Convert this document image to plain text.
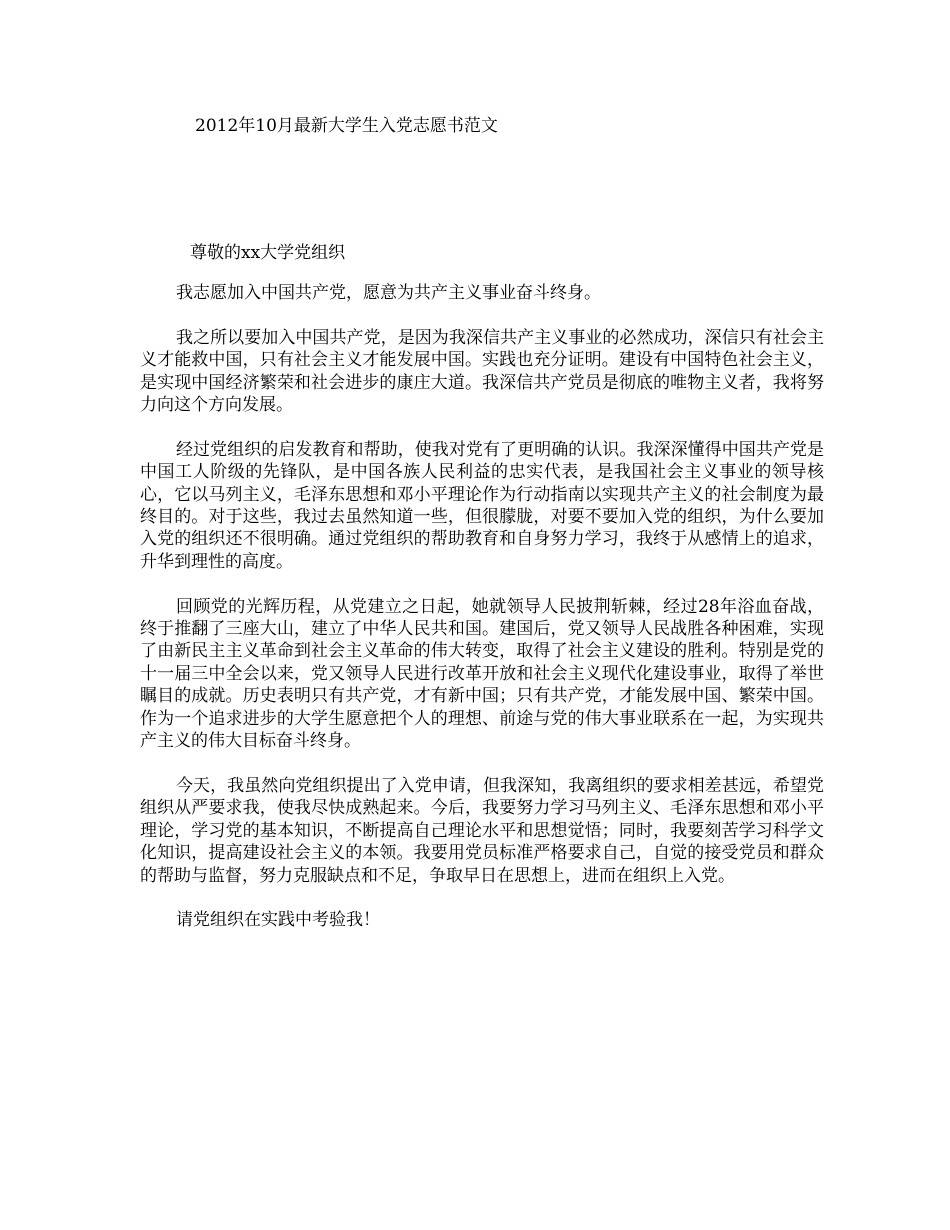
2012年10月最新大学生入党志愿书范文
尊敬的xx大学党组织

我志愿加入中国共产党，愿意为共产主义事业奋斗终身。

我之所以要加入中国共产党，是因为我深信共产主义事业的必然成功，深信只有社会主义才能救中国，只有社会主义才能发展中国。实践也充分证明。建设有中国特色社会主义，是实现中国经济繁荣和社会进步的康庄大道。我深信共产党员是彻底的唯物主义者，我将努力向这个方向发展。

经过党组织的启发教育和帮助，使我对党有了更明确的认识。我深深懂得中国共产党是中国工人阶级的先锋队，是中国各族人民利益的忠实代表，是我国社会主义事业的领导核心，它以马列主义，毛泽东思想和邓小平理论作为行动指南以实现共产主义的社会制度为最终目的。对于这些，我过去虽然知道一些，但很朦胧，对要不要加入党的组织，为什么要加入党的组织还不很明确。通过党组织的帮助教育和自身努力学习，我终于从感情上的追求，升华到理性的高度。

回顾党的光辉历程，从党建立之日起，她就领导人民披荆斩棘，经过28年浴血奋战，终于推翻了三座大山，建立了中华人民共和国。建国后，党又领导人民战胜各种困难，实现了由新民主主义革命到社会主义革命的伟大转变，取得了社会主义建设的胜利。特别是党的十一届三中全会以来，党又领导人民进行改革开放和社会主义现代化建设事业，取得了举世瞩目的成就。历史表明只有共产党，才有新中国；只有共产党，才能发展中国、繁荣中国。作为一个追求进步的大学生愿意把个人的理想、前途与党的伟大事业联系在一起，为实现共产主义的伟大目标奋斗终身。

今天，我虽然向党组织提出了入党申请，但我深知，我离组织的要求相差甚远，希望党组织从严要求我，使我尽快成熟起来。今后，我要努力学习马列主义、毛泽东思想和邓小平理论，学习党的基本知识，不断提高自己理论水平和思想觉悟；同时，我要刻苦学习科学文化知识，提高建设社会主义的本领。我要用党员标准严格要求自己，自觉的接受党员和群众的帮助与监督，努力克服缺点和不足，争取早日在思想上，进而在组织上入党。

请党组织在实践中考验我！
